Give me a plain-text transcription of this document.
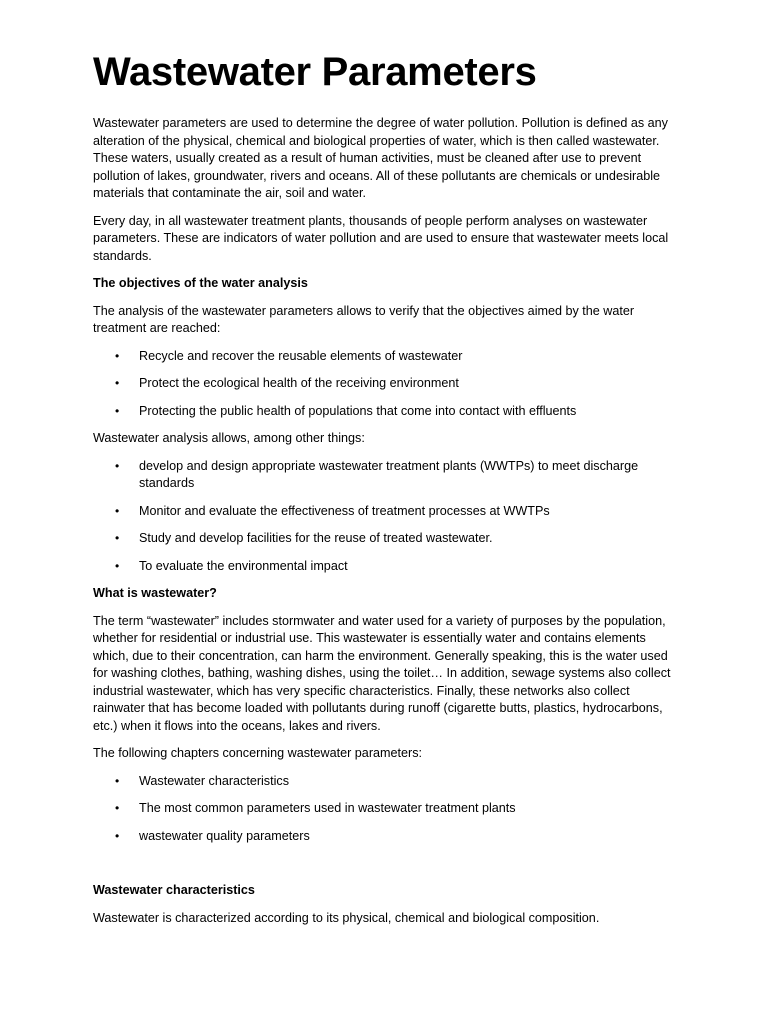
Wastewater Parameters

Wastewater parameters are used to determine the degree of water pollution. Pollution is defined as any alteration of the physical, chemical and biological properties of water, which is then called wastewater. These waters, usually created as a result of human activities, must be cleaned after use to prevent pollution of lakes, groundwater, rivers and oceans. All of these pollutants are chemicals or undesirable materials that contaminate the air, soil and water.

Every day, in all wastewater treatment plants, thousands of people perform analyses on wastewater parameters. These are indicators of water pollution and are used to ensure that wastewater meets local standards.

The objectives of the water analysis

The analysis of the wastewater parameters allows to verify that the objectives aimed by the water treatment are reached:

• Recycle and recover the reusable elements of wastewater
• Protect the ecological health of the receiving environment
• Protecting the public health of populations that come into contact with effluents

Wastewater analysis allows, among other things:

• develop and design appropriate wastewater treatment plants (WWTPs) to meet discharge standards
• Monitor and evaluate the effectiveness of treatment processes at WWTPs
• Study and develop facilities for the reuse of treated wastewater.
• To evaluate the environmental impact

What is wastewater?

The term “wastewater” includes stormwater and water used for a variety of purposes by the population, whether for residential or industrial use. This wastewater is essentially water and contains elements which, due to their concentration, can harm the environment. Generally speaking, this is the water used for washing clothes, bathing, washing dishes, using the toilet… In addition, sewage systems also collect industrial wastewater, which has very specific characteristics. Finally, these networks also collect rainwater that has become loaded with pollutants during runoff (cigarette butts, plastics, hydrocarbons, etc.) when it flows into the oceans, lakes and rivers.

The following chapters concerning wastewater parameters:

• Wastewater characteristics
• The most common parameters used in wastewater treatment plants
• wastewater quality parameters

Wastewater characteristics

Wastewater is characterized according to its physical, chemical and biological composition.
